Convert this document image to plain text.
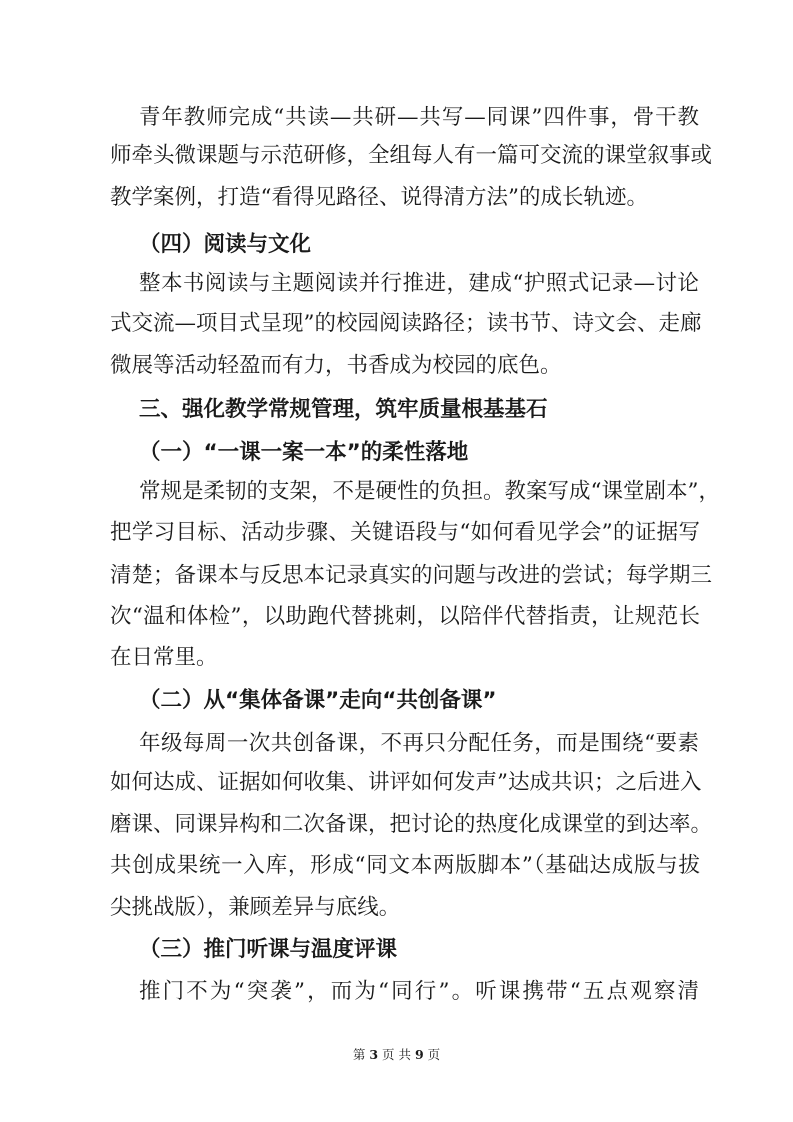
青年教师完成“共读—共研—共写—同课”四件事，骨干教
师牵头微课题与示范研修，全组每人有一篇可交流的课堂叙事或
教学案例，打造“看得见路径、说得清方法”的成长轨迹。
（四）阅读与文化
整本书阅读与主题阅读并行推进，建成“护照式记录—讨论
式交流—项目式呈现”的校园阅读路径；读书节、诗文会、走廊
微展等活动轻盈而有力，书香成为校园的底色。
三、强化教学常规管理，筑牢质量根基基石
（一）“一课一案一本”的柔性落地
常规是柔韧的支架，不是硬性的负担。教案写成“课堂剧本”，
把学习目标、活动步骤、关键语段与“如何看见学会”的证据写
清楚；备课本与反思本记录真实的问题与改进的尝试；每学期三
次“温和体检”，以助跑代替挑刺，以陪伴代替指责，让规范长
在日常里。
（二）从“集体备课”走向“共创备课”
年级每周一次共创备课，不再只分配任务，而是围绕“要素
如何达成、证据如何收集、讲评如何发声”达成共识；之后进入
磨课、同课异构和二次备课，把讨论的热度化成课堂的到达率。
共创成果统一入库，形成“同文本两版脚本”（基础达成版与拔
尖挑战版），兼顾差异与底线。
（三）推门听课与温度评课
推门不为“突袭”，而为“同行”。听课携带“五点观察清
第 3 页 共 9 页
